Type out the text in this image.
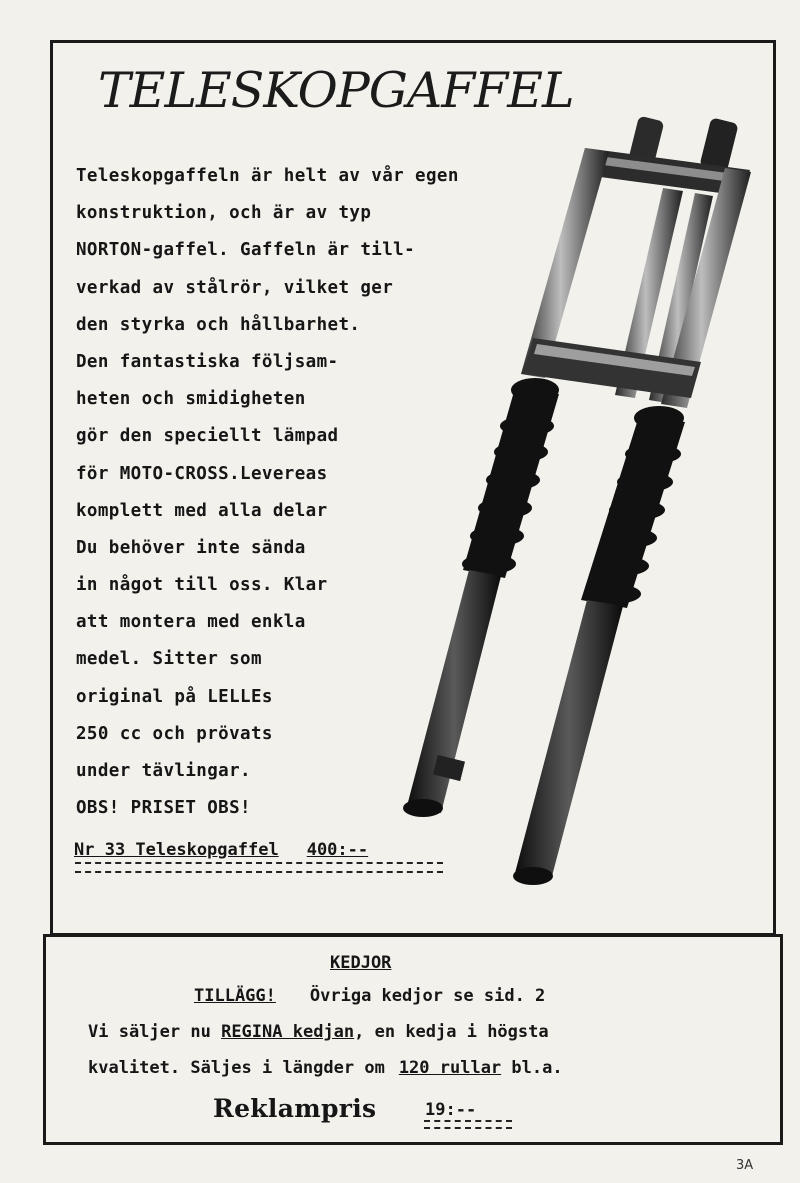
TELESKOPGAFFEL
Teleskopgaffeln är helt av vår egen
konstruktion, och är av typ
NORTON-gaffel. Gaffeln är till-
verkad av stålrör, vilket ger
den styrka och hållbarhet.
Den fantastiska följsam-
heten och smidigheten
gör den speciellt lämpad
för MOTO-CROSS.Levereas
komplett med alla delar
Du behöver inte sända
in något till oss. Klar
att montera med enkla
medel. Sitter som
original på LELLEs
250 cc och prövats
under tävlingar.
OBS! PRISET OBS!
Nr 33 Teleskopgaffel 400:--
KEDJOR
TILLÄGG! Övriga kedjor se sid. 2
Vi säljer nu REGINA kedjan, en kedja i högsta
kvalitet. Säljes i längder om 120 rullar bl.a.
Reklampris	19:--
3A
